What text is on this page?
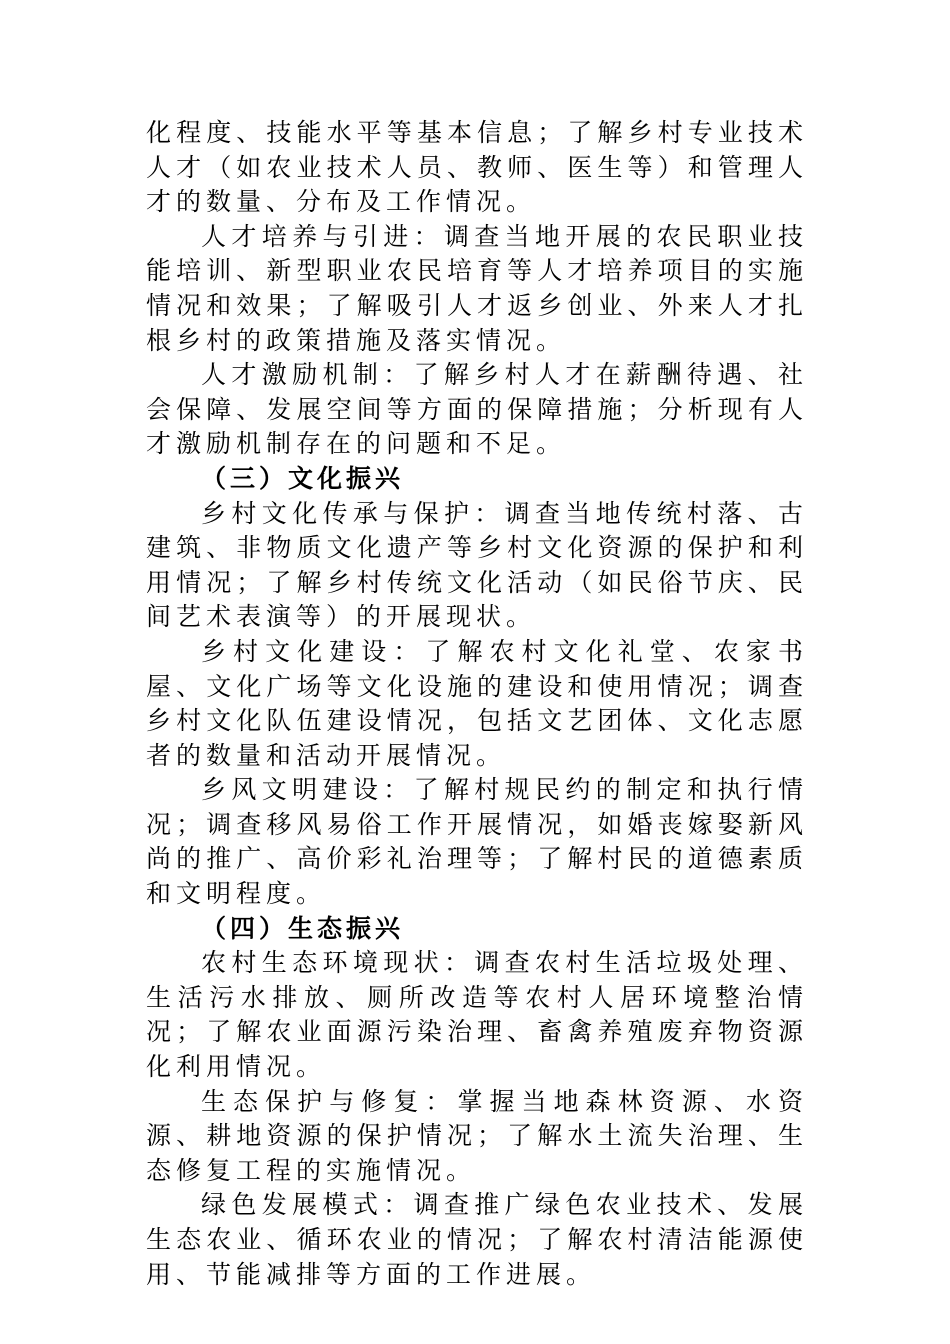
化程度、技能水平等基本信息；了解乡村专业技术人才（如农业技术人员、教师、医生等）和管理人才的数量、分布及工作情况。

人才培养与引进：调查当地开展的农民职业技能培训、新型职业农民培育等人才培养项目的实施情况和效果；了解吸引人才返乡创业、外来人才扎根乡村的政策措施及落实情况。

人才激励机制：了解乡村人才在薪酬待遇、社会保障、发展空间等方面的保障措施；分析现有人才激励机制存在的问题和不足。

（三）文化振兴

乡村文化传承与保护：调查当地传统村落、古建筑、非物质文化遗产等乡村文化资源的保护和利用情况；了解乡村传统文化活动（如民俗节庆、民间艺术表演等）的开展现状。

乡村文化建设：了解农村文化礼堂、农家书屋、文化广场等文化设施的建设和使用情况；调查乡村文化队伍建设情况，包括文艺团体、文化志愿者的数量和活动开展情况。

乡风文明建设：了解村规民约的制定和执行情况；调查移风易俗工作开展情况，如婚丧嫁娶新风尚的推广、高价彩礼治理等；了解村民的道德素质和文明程度。

（四）生态振兴

农村生态环境现状：调查农村生活垃圾处理、生活污水排放、厕所改造等农村人居环境整治情况；了解农业面源污染治理、畜禽养殖废弃物资源化利用情况。

生态保护与修复：掌握当地森林资源、水资源、耕地资源的保护情况；了解水土流失治理、生态修复工程的实施情况。

绿色发展模式：调查推广绿色农业技术、发展生态农业、循环农业的情况；了解农村清洁能源使用、节能减排等方面的工作进展。
